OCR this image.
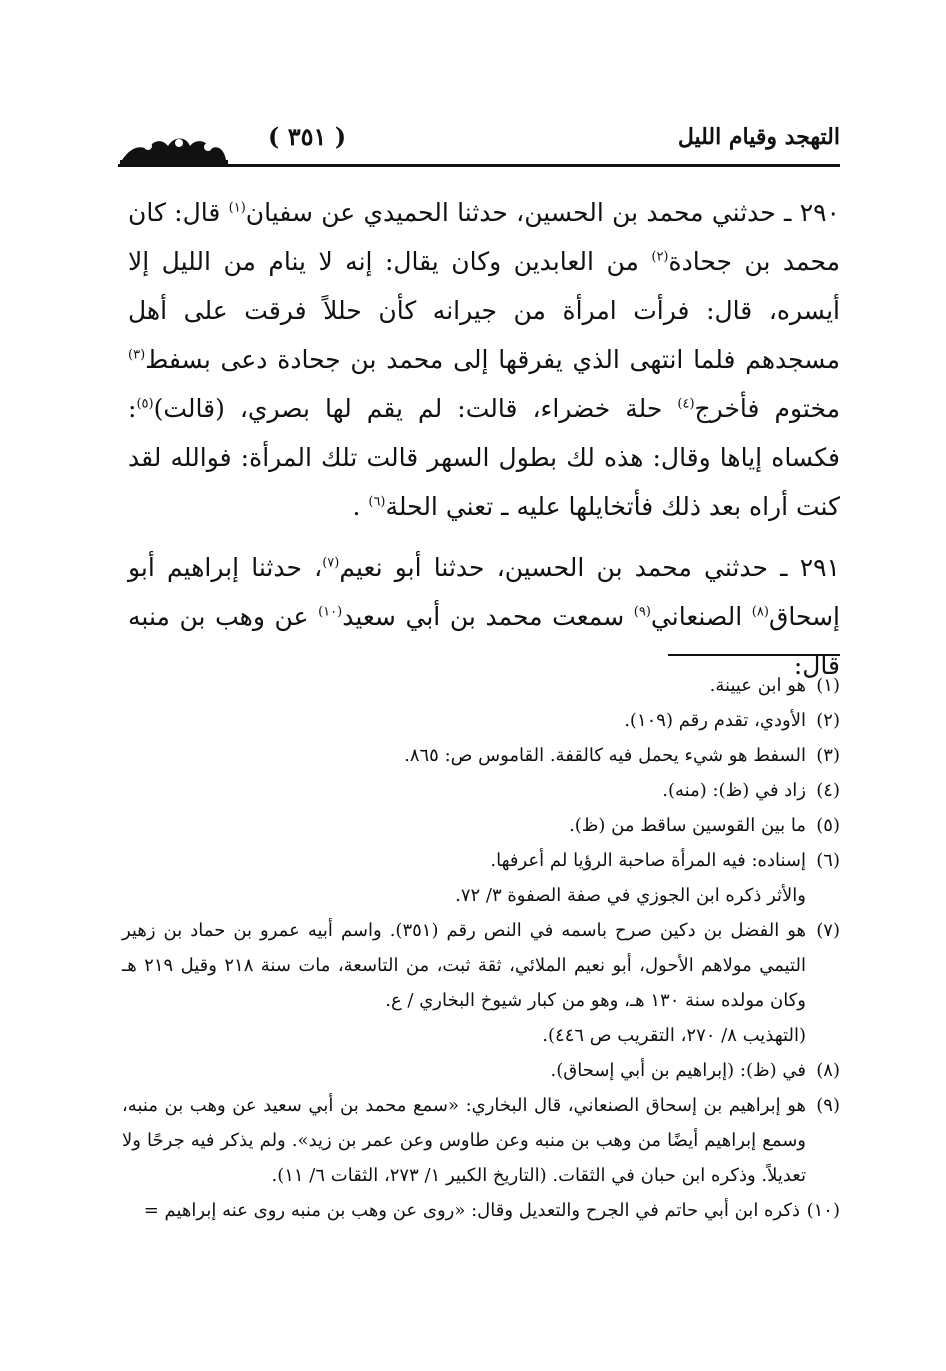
التهجد وقيام الليل
( ٣٥١ )

٢٩٠ ـ حدثني محمد بن الحسين، حدثنا الحميدي عن سفيان$^{(١)}$ قال: كان محمد بن جحادة$^{(٢)}$ من العابدين وكان يقال: إنه لا ينام من الليل إلا أيسره، قال: فرأت امرأة من جيرانه كأن حللاً فرقت على أهل مسجدهم فلما انتهى الذي يفرقها إلى محمد بن جحادة دعى بسفط$^{(٣)}$ مختوم فأخرج$^{(٤)}$ حلة خضراء، قالت: لم يقم لها بصري، (قالت)$^{(٥)}$: فكساه إياها وقال: هذه لك بطول السهر قالت تلك المرأة: فوالله لقد كنت أراه بعد ذلك فأتخايلها عليه ـ تعني الحلة$^{(٦)}$ .

٢٩١ ـ حدثني محمد بن الحسين، حدثنا أبو نعيم$^{(٧)}$، حدثنا إبراهيم أبو إسحاق$^{(٨)}$ الصنعاني$^{(٩)}$ سمعت محمد بن أبي سعيد$^{(١٠)}$ عن وهب بن منبه قال:

(١)
هو ابن عيينة.
(٢)
الأودي، تقدم رقم (١٠٩).
(٣)
السفط هو شيء يحمل فيه كالقفة. القاموس ص: ٨٦٥.
(٤)
زاد في (ظ): (منه).
(٥)
ما بين القوسين ساقط من (ظ).
(٦)
إسناده: فيه المرأة صاحبة الرؤيا لم أعرفها.
والأثر ذكره ابن الجوزي في صفة الصفوة ٣/ ٧٢.
(٧)
هو الفضل بن دكين صرح باسمه في النص رقم (٣٥١). واسم أبيه عمرو بن حماد بن زهير التيمي مولاهم الأحول، أبو نعيم الملائي، ثقة ثبت، من التاسعة، مات سنة ٢١٨ وقيل ٢١٩ هـ وكان مولده سنة ١٣٠ هـ، وهو من كبار شيوخ البخاري / ع.
(التهذيب ٨/ ٢٧٠، التقريب ص ٤٤٦).
(٨)
في (ظ): (إبراهيم بن أبي إسحاق).
(٩)
هو إبراهيم بن إسحاق الصنعاني، قال البخاري: «سمع محمد بن أبي سعيد عن وهب بن منبه، وسمع إبراهيم أيضًا من وهب بن منبه وعن طاوس وعن عمر بن زيد». ولم يذكر فيه جرحًا ولا تعديلاً. وذكره ابن حبان في الثقات. (التاريخ الكبير ١/ ٢٧٣، الثقات ٦/ ١١).
(١٠)
ذكره ابن أبي حاتم في الجرح والتعديل وقال: «روى عن وهب بن منبه روى عنه إبراهيم =
